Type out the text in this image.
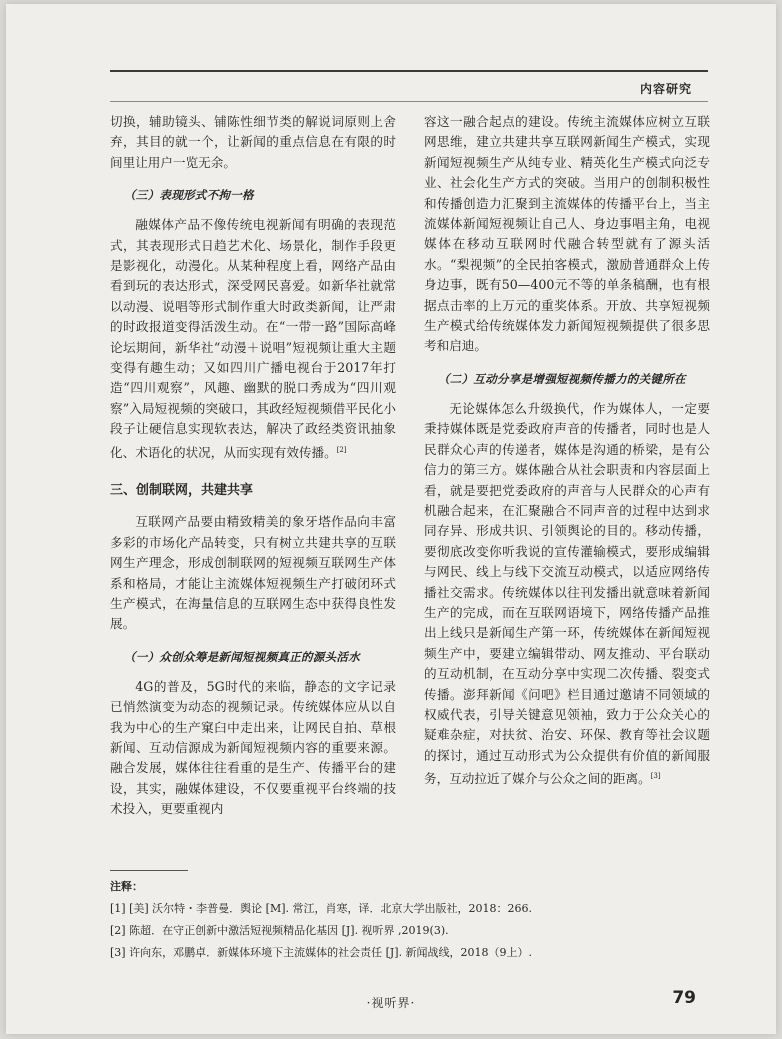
内容研究

切换，辅助镜头、铺陈性细节类的解说词原则上舍弃，其目的就一个，让新闻的重点信息在有限的时间里让用户一览无余。

（三）表现形式不拘一格

融媒体产品不像传统电视新闻有明确的表现范式，其表现形式日趋艺术化、场景化，制作手段更是影视化，动漫化。从某种程度上看，网络产品由看到玩的表达形式，深受网民喜爱。如新华社就常以动漫、说唱等形式制作重大时政类新闻，让严肃的时政报道变得活泼生动。在“一带一路”国际高峰论坛期间，新华社“动漫＋说唱”短视频让重大主题变得有趣生动；又如四川广播电视台于2017年打造“四川观察”，风趣、幽默的脱口秀成为“四川观察”入局短视频的突破口，其政经短视频借平民化小段子让硬信息实现软表达，解决了政经类资讯抽象化、术语化的状况，从而实现有效传播。[2]

三、创制联网，共建共享

互联网产品要由精致精美的象牙塔作品向丰富多彩的市场化产品转变，只有树立共建共享的互联网生产理念，形成创制联网的短视频互联网生产体系和格局，才能让主流媒体短视频生产打破闭环式生产模式，在海量信息的互联网生态中获得良性发展。

（一）众创众筹是新闻短视频真正的源头活水

4G的普及，5G时代的来临，静态的文字记录已悄然演变为动态的视频记录。传统媒体应从以自我为中心的生产窠臼中走出来，让网民自拍、草根新闻、互动信源成为新闻短视频内容的重要来源。融合发展，媒体往往看重的是生产、传播平台的建设，其实，融媒体建设，不仅要重视平台终端的技术投入，更要重视内

容这一融合起点的建设。传统主流媒体应树立互联网思维，建立共建共享互联网新闻生产模式，实现新闻短视频生产从纯专业、精英化生产模式向泛专业、社会化生产方式的突破。当用户的创制积极性和传播创造力汇聚到主流媒体的传播平台上，当主流媒体新闻短视频让自己人、身边事唱主角，电视媒体在移动互联网时代融合转型就有了源头活水。“梨视频”的全民拍客模式，激励普通群众上传身边事，既有50—400元不等的单条稿酬，也有根据点击率的上万元的重奖体系。开放、共享短视频生产模式给传统媒体发力新闻短视频提供了很多思考和启迪。

（二）互动分享是增强短视频传播力的关键所在

无论媒体怎么升级换代，作为媒体人，一定要秉持媒体既是党委政府声音的传播者，同时也是人民群众心声的传递者，媒体是沟通的桥梁，是有公信力的第三方。媒体融合从社会职责和内容层面上看，就是要把党委政府的声音与人民群众的心声有机融合起来，在汇聚融合不同声音的过程中达到求同存异、形成共识、引领舆论的目的。移动传播，要彻底改变你听我说的宣传灌输模式，要形成编辑与网民、线上与线下交流互动模式，以适应网络传播社交需求。传统媒体以往刊发播出就意味着新闻生产的完成，而在互联网语境下，网络传播产品推出上线只是新闻生产第一环，传统媒体在新闻短视频生产中，要建立编辑带动、网友推动、平台联动的互动机制，在互动分享中实现二次传播、裂变式传播。澎拜新闻《问吧》栏目通过邀请不同领域的权威代表，引导关键意见领袖，致力于公众关心的疑难杂症，对扶贫、治安、环保、教育等社会议题的探讨，通过互动形式为公众提供有价值的新闻服务，互动拉近了媒介与公众之间的距离。[3]

注释：
[1] [美] 沃尔特・李普曼．舆论 [M]. 常江，肖寒，译．北京大学出版社，2018：266.
[2] 陈超．在守正创新中激活短视频精品化基因 [J]. 视听界 ,2019(3).
[3] 许向东，邓鹏卓．新媒体环境下主流媒体的社会责任 [J]. 新闻战线，2018（9上）.
·视听界·	79
